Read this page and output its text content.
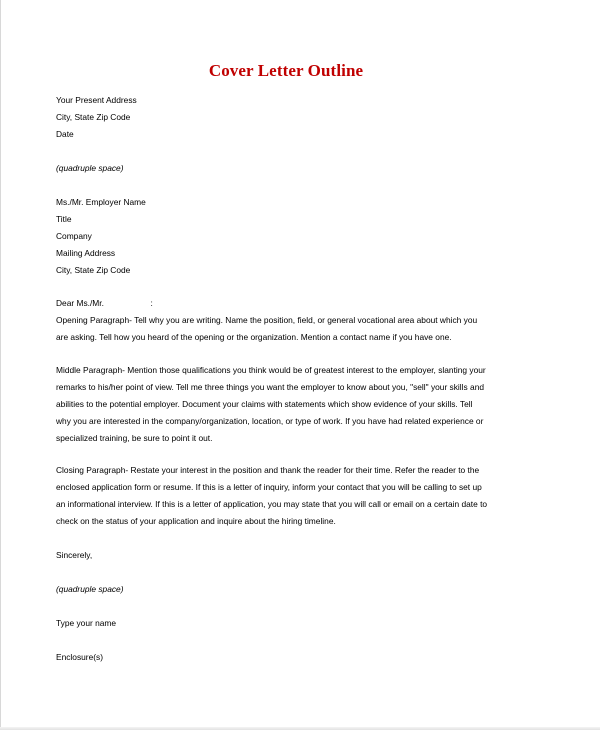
Cover Letter Outline
Your Present Address
City, State Zip Code
Date
(quadruple space)
Ms./Mr. Employer Name
Title
Company
Mailing Address
City, State Zip Code
Dear Ms./Mr.                    :
Opening Paragraph- Tell why you are writing. Name the position, field, or general vocational area about which you
are asking. Tell how you heard of the opening or the organization. Mention a contact name if you have one.
Middle Paragraph- Mention those qualifications you think would be of greatest interest to the employer, slanting your
remarks to his/her point of view. Tell me three things you want the employer to know about you, "sell" your skills and
abilities to the potential employer. Document your claims with statements which show evidence of your skills. Tell
why you are interested in the company/organization, location, or type of work. If you have had related experience or
specialized training, be sure to point it out.
Closing Paragraph- Restate your interest in the position and thank the reader for their time. Refer the reader to the
enclosed application form or resume. If this is a letter of inquiry, inform your contact that you will be calling to set up
an informational interview. If this is a letter of application, you may state that you will call or email on a certain date to
check on the status of your application and inquire about the hiring timeline.
Sincerely,
(quadruple space)
Type your name
Enclosure(s)
